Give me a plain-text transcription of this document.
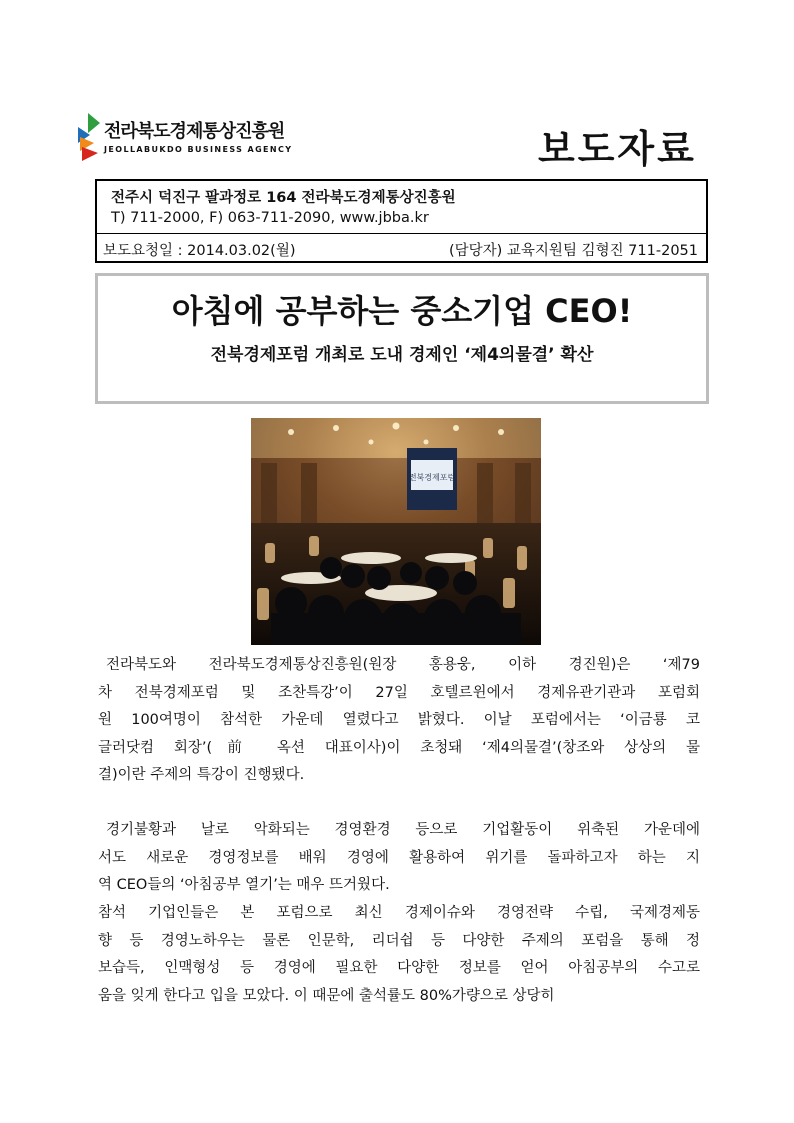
전라북도경제통상진흥원
JEOLLABUKDO BUSINESS AGENCY	보도자료
전주시 덕진구 팔과정로 164 전라북도경제통상진흥원
T) 711-2000, F) 063-711-2090, www.jbba.kr
보도요청일 : 2014.03.02(월)	(담당자) 교육지원팀 김형진 711-2051
아침에 공부하는 중소기업 CEO!
전북경제포럼 개최로 도내 경제인 ‘제4의물결’ 확산
전북경제포럼
전라북도와 전라북도경제통상진흥원(원장 홍용웅, 이하 경진원)은 ‘제79
차 전북경제포럼 및 조찬특강’이 27일 호텔르윈에서 경제유관기관과 포럼회
원 100여명이 참석한 가운데 열렸다고 밝혔다. 이날 포럼에서는 ‘이금룡 코
글러닷컴 회장’(前 옥션 대표이사)이 초청돼 ‘제4의물결’(창조와 상상의 물
결)이란 주제의 특강이 진행됐다.
경기불황과 날로 악화되는 경영환경 등으로 기업활동이 위축된 가운데에
서도 새로운 경영정보를 배워 경영에 활용하여 위기를 돌파하고자 하는 지
역 CEO들의 ‘아침공부 열기’는 매우 뜨거웠다.
참석 기업인들은 본 포럼으로 최신 경제이슈와 경영전략 수립, 국제경제동
향 등 경영노하우는 물론 인문학, 리더쉽 등 다양한 주제의 포럼을 통해 정
보습득, 인맥형성 등 경영에 필요한 다양한 정보를 얻어 아침공부의 수고로
움을 잊게 한다고 입을 모았다. 이 때문에 출석률도 80%가량으로 상당히
